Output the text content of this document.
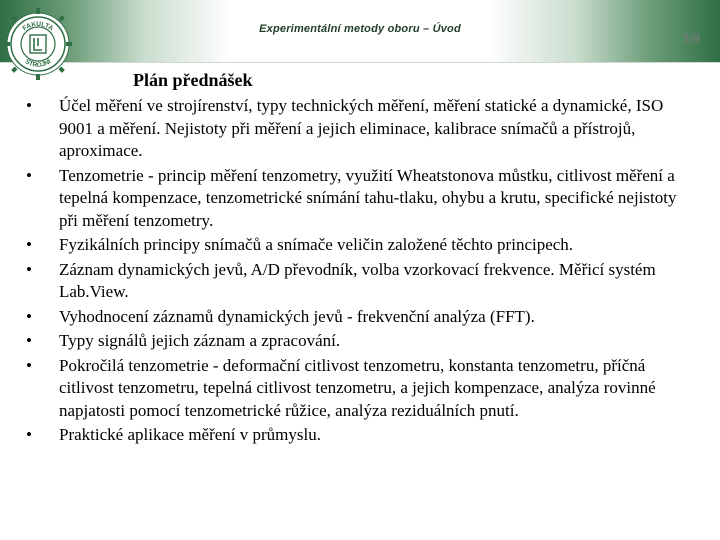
FAKULTA
STROJNÍ
Experimentální metody oboru – Úvod
3/8
Plán přednášek
• Účel měření ve strojírenství, typy technických měření, měření statické a dynamické, ISO 9001 a měření. Nejistoty při měření a jejich eliminace, kalibrace snímačů a přístrojů, aproximace.
• Tenzometrie - princip měření tenzometry, využití Wheatstonova můstku, citlivost měření a tepelná kompenzace, tenzometrické snímání tahu-tlaku, ohybu a krutu, specifické nejistoty při měření tenzometry.
• Fyzikálních principy snímačů a snímače veličin založené těchto principech.
• Záznam dynamických jevů, A/D převodník, volba vzorkovací frekvence. Měřicí systém Lab.View.
• Vyhodnocení záznamů dynamických jevů - frekvenční analýza (FFT).
• Typy signálů jejich záznam a zpracování.
• Pokročilá tenzometrie - deformační citlivost tenzometru, konstanta tenzometru, příčná citlivost tenzometru, tepelná citlivost tenzometru, a jejich kompenzace, analýza rovinné napjatosti pomocí tenzometrické růžice, analýza reziduálních pnutí.
• Praktické aplikace měření v průmyslu.
